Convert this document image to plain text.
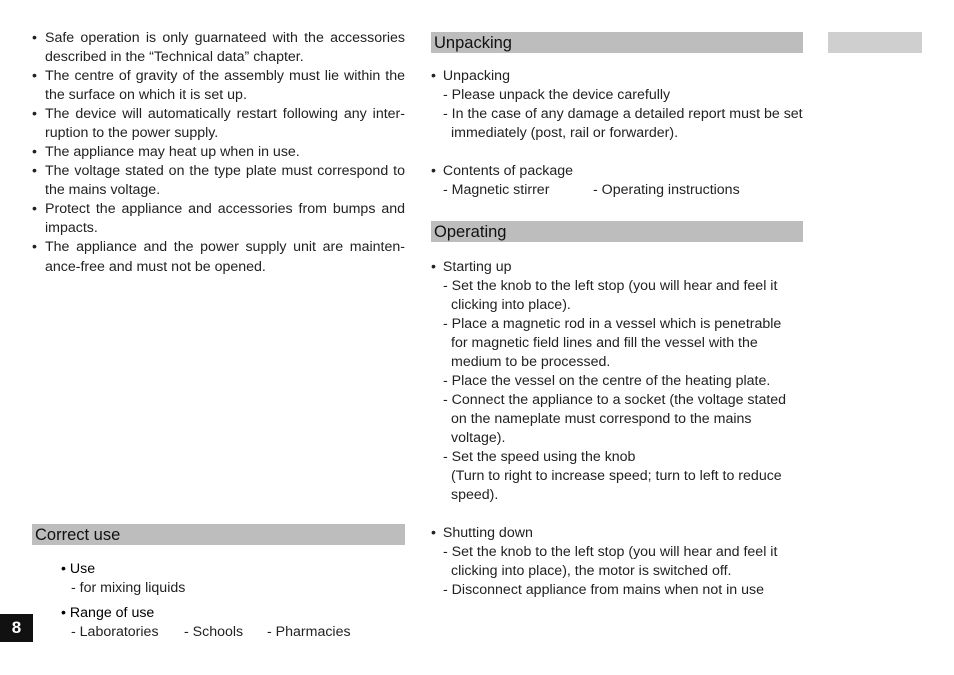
• Safe operation is only guarnateed with the accessories
described in the “Technical data” chapter.
• The centre of gravity of the assembly must lie within the
the surface on which it is set up.
• The device will automatically restart following any inter-
ruption to the power supply.
• The appliance may heat up when in use.
• The voltage stated on the type plate must correspond to
the mains voltage.
• Protect the appliance and accessories from bumps and
impacts.
• The appliance and the power supply unit are mainten-
ance-free and must not be opened.
Correct use
• Use
- for mixing liquids
• Range of use
- Laboratories - Schools - Pharmacies
Unpacking
• Unpacking
- Please unpack the device carefully
- In the case of any damage a detailed report must be set
immediately (post, rail or forwarder).
• Contents of package
- Magnetic stirrer	- Operating instructions
Operating
• Starting up
- Set the knob to the left stop (you will hear and feel it
clicking into place).
- Place a magnetic rod in a vessel which is penetrable
for magnetic field lines and fill the vessel with the
medium to be processed.
- Place the vessel on the centre of the heating plate.
- Connect the appliance to a socket (the voltage stated
on the nameplate must correspond to the mains
voltage).
- Set the speed using the knob
(Turn to right to increase speed; turn to left to reduce
speed).
• Shutting down
- Set the knob to the left stop (you will hear and feel it
clicking into place), the motor is switched off.
- Disconnect appliance from mains when not in use
8
